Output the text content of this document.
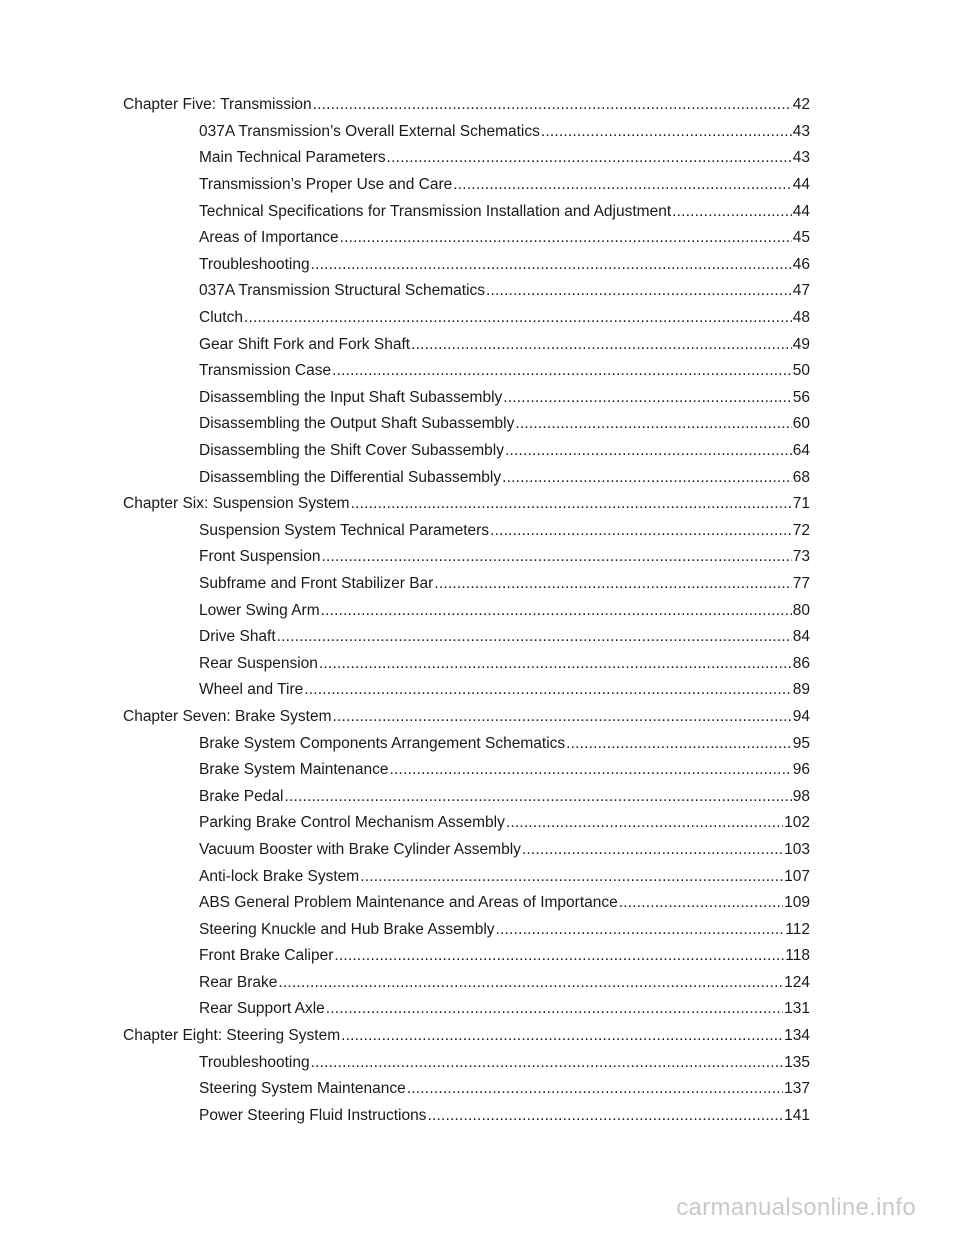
Chapter Five: Transmission .....	42
037A Transmission’s Overall External Schematics .....	43
Main Technical Parameters .....	43
Transmission’s Proper Use and Care .....	44
Technical Specifications for Transmission Installation and Adjustment .....	44
Areas of Importance .....	45
Troubleshooting .....	46
037A Transmission Structural Schematics .....	47
Clutch .....	48
Gear Shift Fork and Fork Shaft .....	49
Transmission Case .....	50
Disassembling the Input Shaft Subassembly .....	56
Disassembling the Output Shaft Subassembly .....	60
Disassembling the Shift Cover Subassembly .....	64
Disassembling the Differential Subassembly .....	68
Chapter Six: Suspension System .....	71
Suspension System Technical Parameters .....	72
Front Suspension .....	73
Subframe and Front Stabilizer Bar .....	77
Lower Swing Arm .....	80
Drive Shaft .....	84
Rear Suspension .....	86
Wheel and Tire .....	89
Chapter Seven: Brake System .....	94
Brake System Components Arrangement Schematics .....	95
Brake System Maintenance .....	96
Brake Pedal .....	98
Parking Brake Control Mechanism Assembly .....	102
Vacuum Booster with Brake Cylinder Assembly .....	103
Anti-lock Brake System .....	107
ABS General Problem Maintenance and Areas of Importance .....	109
Steering Knuckle and Hub Brake Assembly .....	112
Front Brake Caliper .....	118
Rear Brake .....	124
Rear Support Axle .....	131
Chapter Eight: Steering System .....	134
Troubleshooting .....	135
Steering System Maintenance .....	137
Power Steering Fluid Instructions .....	141
carmanualsonline.info
